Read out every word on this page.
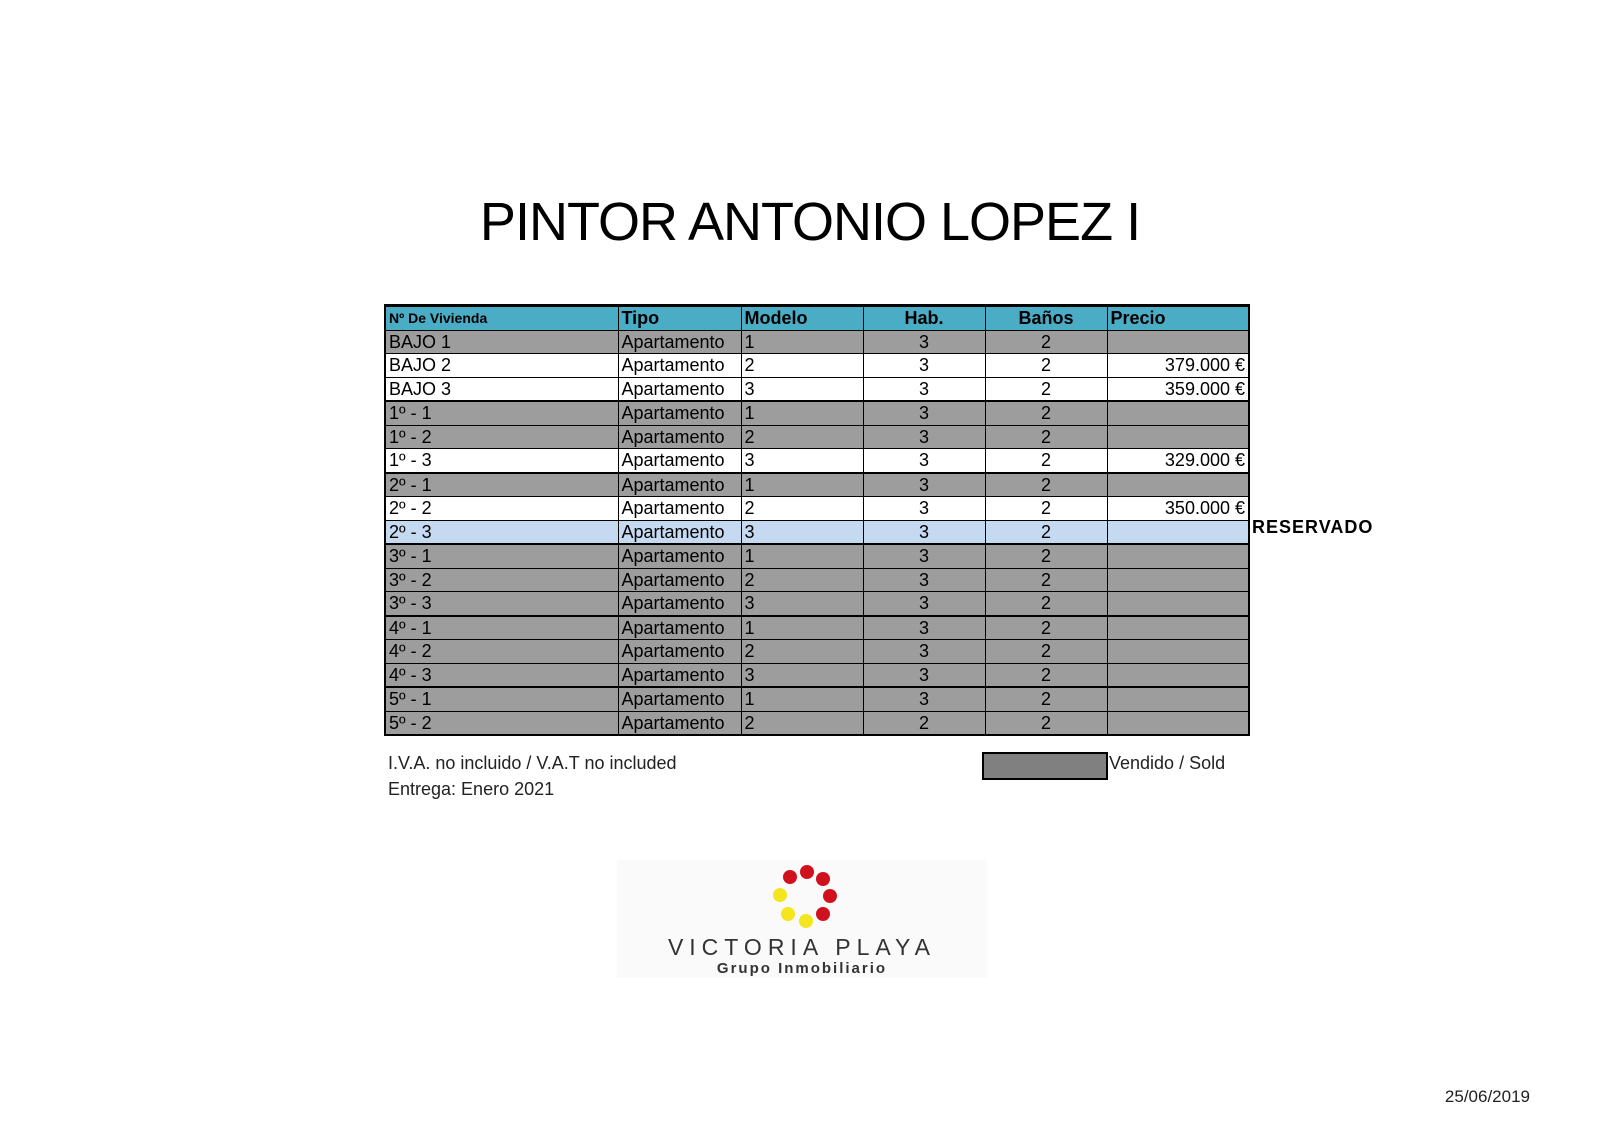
PINTOR ANTONIO LOPEZ I
Nº De Vivienda	Tipo	Modelo	Hab.	Baños	Precio
BAJO 1	Apartamento	1	3	2	
BAJO 2	Apartamento	2	3	2	379.000 €
BAJO 3	Apartamento	3	3	2	359.000 €
1º - 1	Apartamento	1	3	2	
1º - 2	Apartamento	2	3	2	
1º - 3	Apartamento	3	3	2	329.000 €
2º - 1	Apartamento	1	3	2	
2º - 2	Apartamento	2	3	2	350.000 €
2º - 3	Apartamento	3	3	2	
3º - 1	Apartamento	1	3	2	
3º - 2	Apartamento	2	3	2	
3º - 3	Apartamento	3	3	2	
4º - 1	Apartamento	1	3	2	
4º - 2	Apartamento	2	3	2	
4º - 3	Apartamento	3	3	2	
5º - 1	Apartamento	1	3	2	
5º - 2	Apartamento	2	2	2	
RESERVADO
I.V.A. no incluido / V.A.T no included
Entrega: Enero 2021
Vendido / Sold
VICTORIA PLAYA
Grupo Inmobiliario
25/06/2019
